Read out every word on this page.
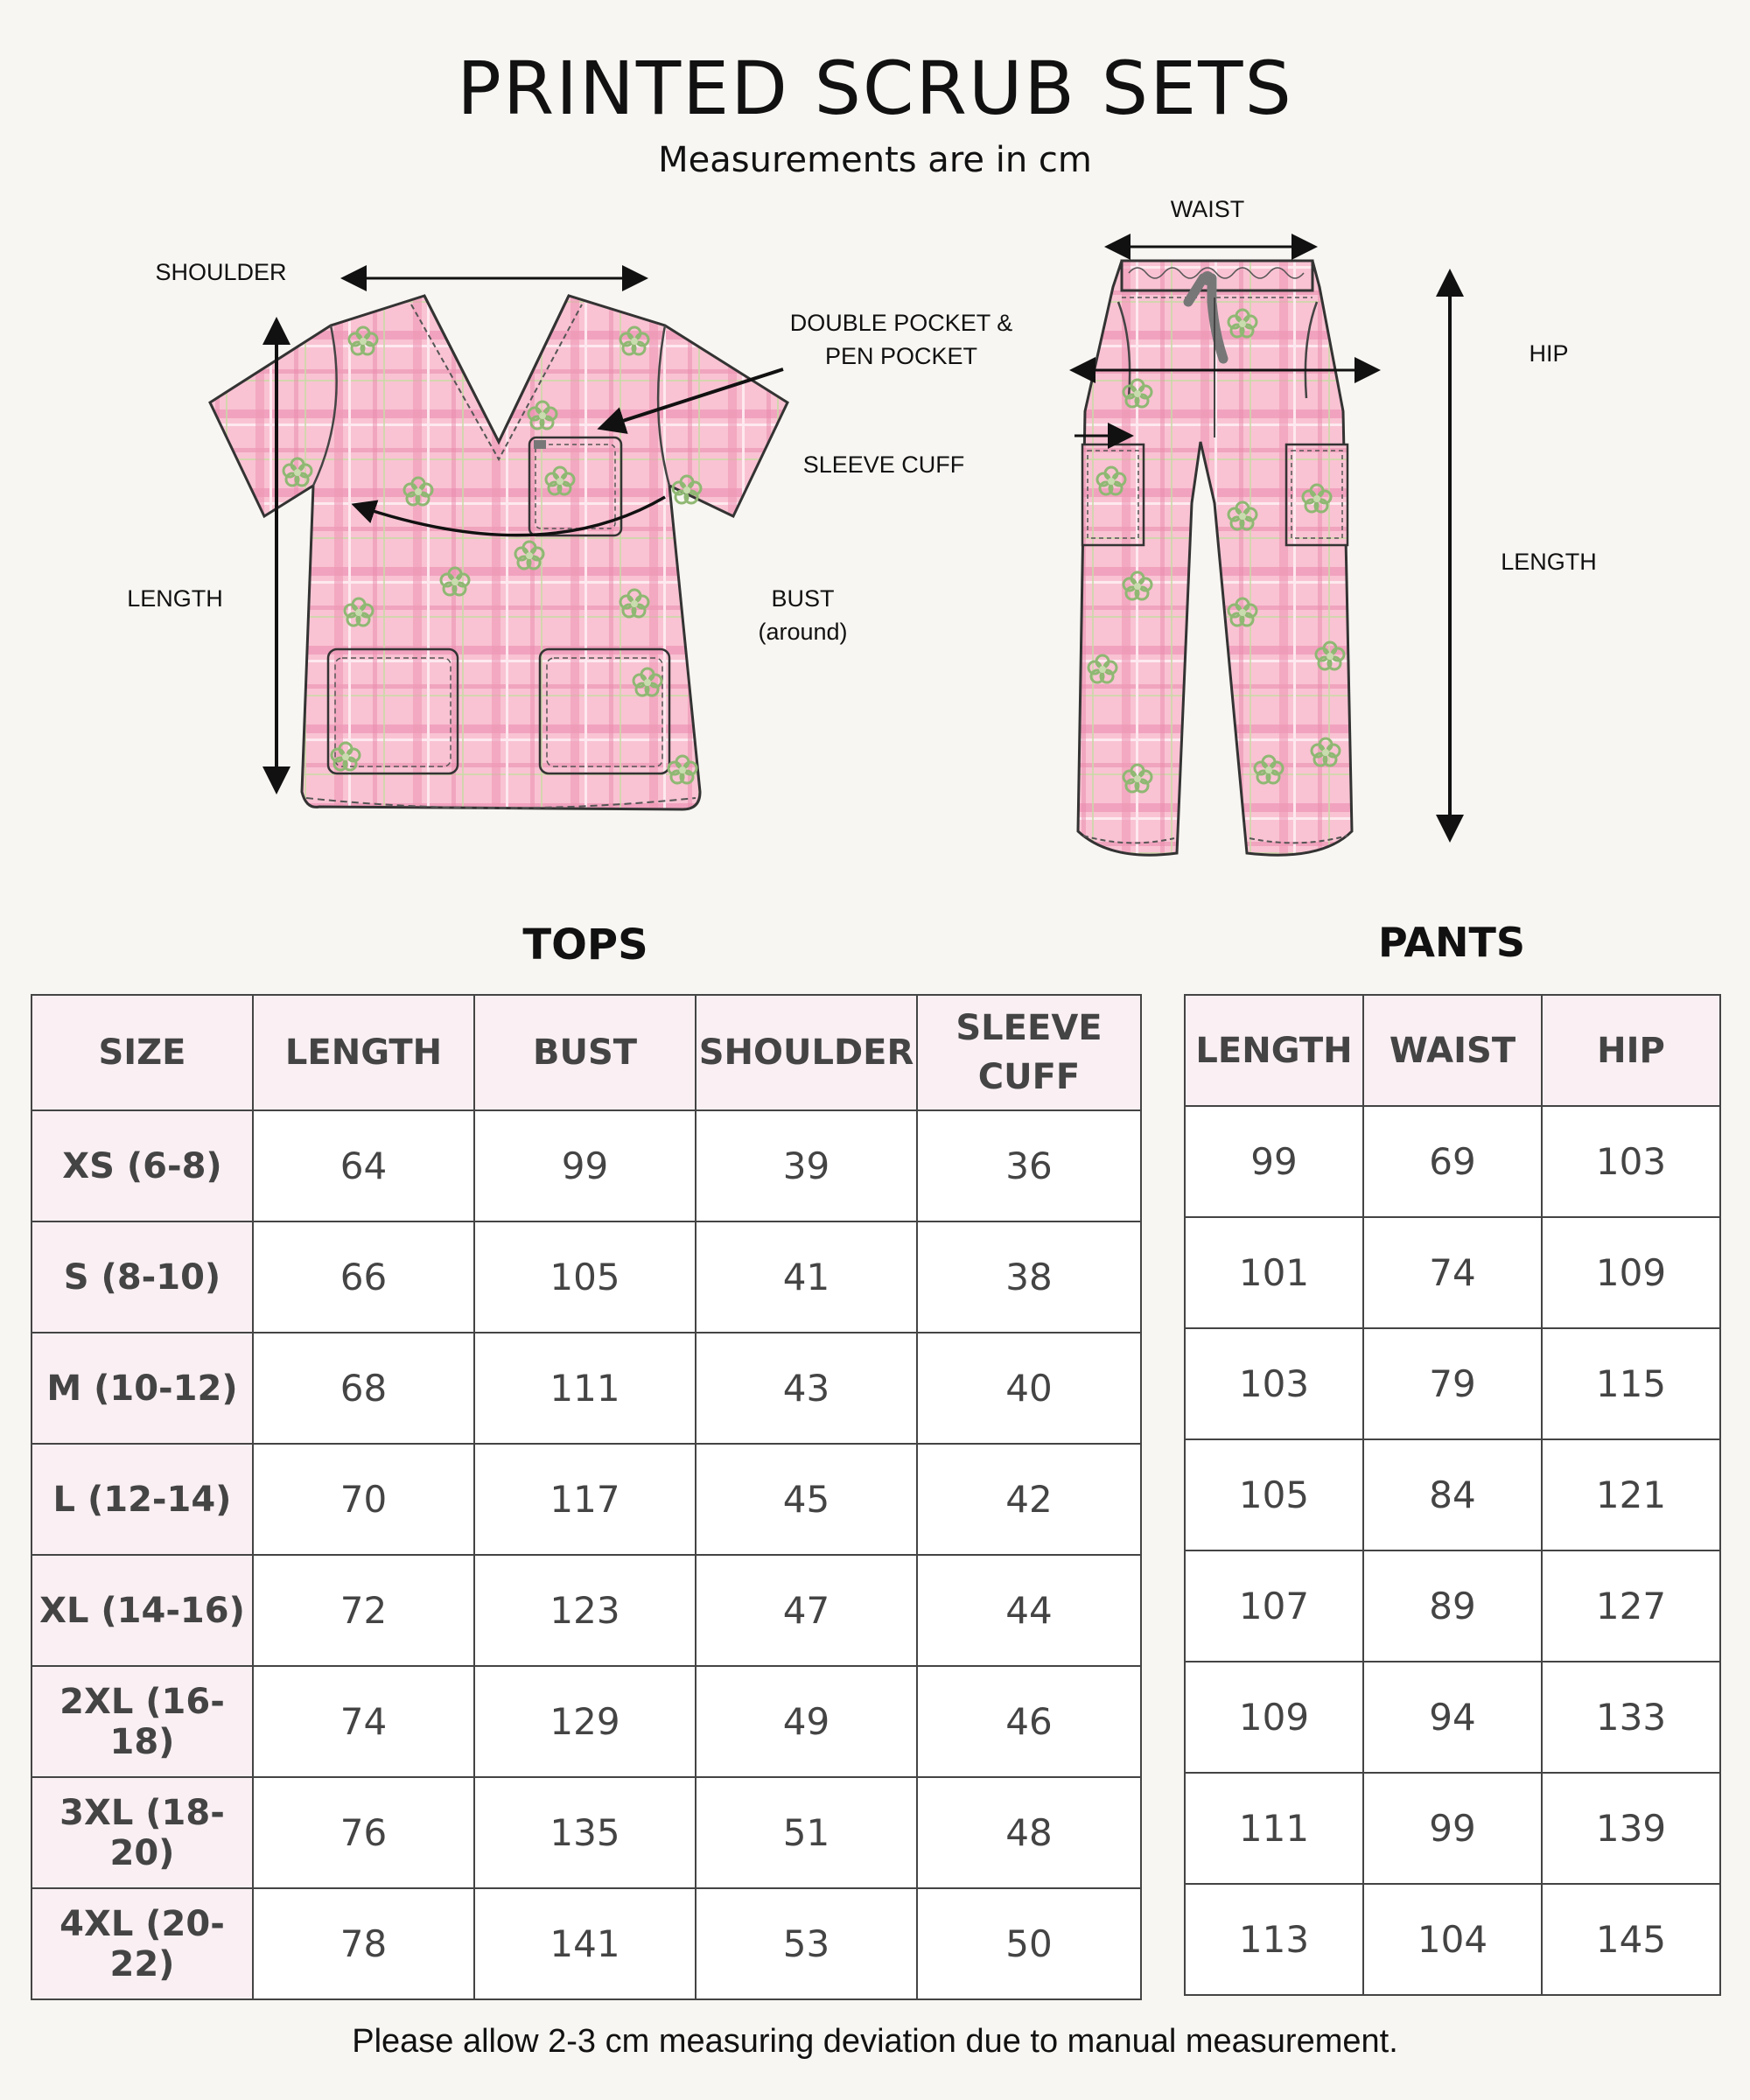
PRINTED SCRUB SETS
Measurements are in cm
SHOULDER
LENGTH
DOUBLE POCKET &
PEN POCKET
SLEEVE CUFF
BUST
(around)
WAIST
HIP
LENGTH
TOPS	PANTS
SIZE	LENGTH	BUST	SHOULDER	SLEEVE
CUFF

XS (6-8)	64	99	39	36
S (8-10)	66	105	41	38
M (10-12)	68	111	43	40
L (12-14)	70	117	45	42
XL (14-16)	72	123	47	44
2XL (16-18)	74	129	49	46
3XL (18-20)	76	135	51	48
4XL (20-22)	78	141	53	50
LENGTH	WAIST	HIP
99	69	103
101	74	109
103	79	115
105	84	121
107	89	127
109	94	133
111	99	139
113	104	145
Please allow 2-3 cm measuring deviation due to manual measurement.
